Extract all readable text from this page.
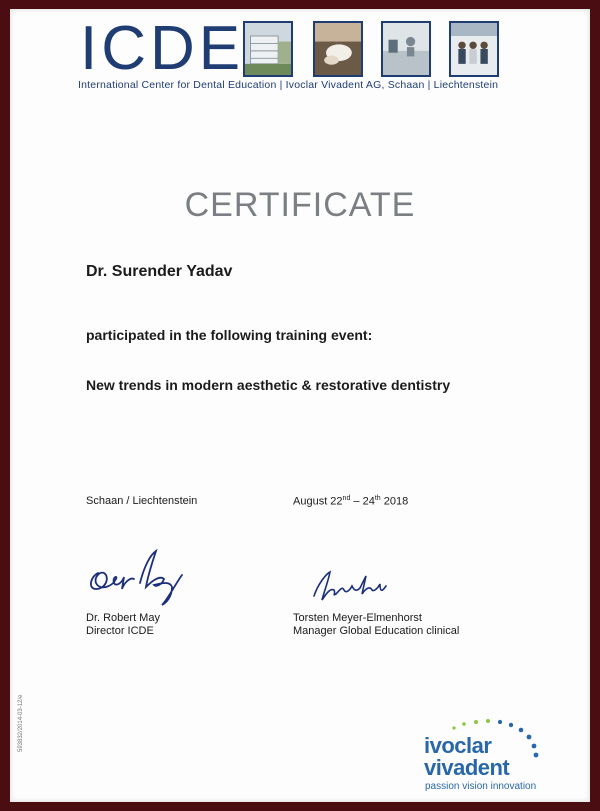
ICDE
International Center for Dental Education | Ivoclar Vivadent AG, Schaan | Liechtenstein
CERTIFICATE
Dr. Surender Yadav
participated in the following training event:
New trends in modern aesthetic & restorative dentistry
Schaan / Liechtenstein	August 22nd – 24th 2018
Dr. Robert May
Director ICDE
Torsten Meyer-Elmenhorst
Manager Global Education clinical
593832/2014-03-12/e	ivoclar
vivadent
passion vision innovation
